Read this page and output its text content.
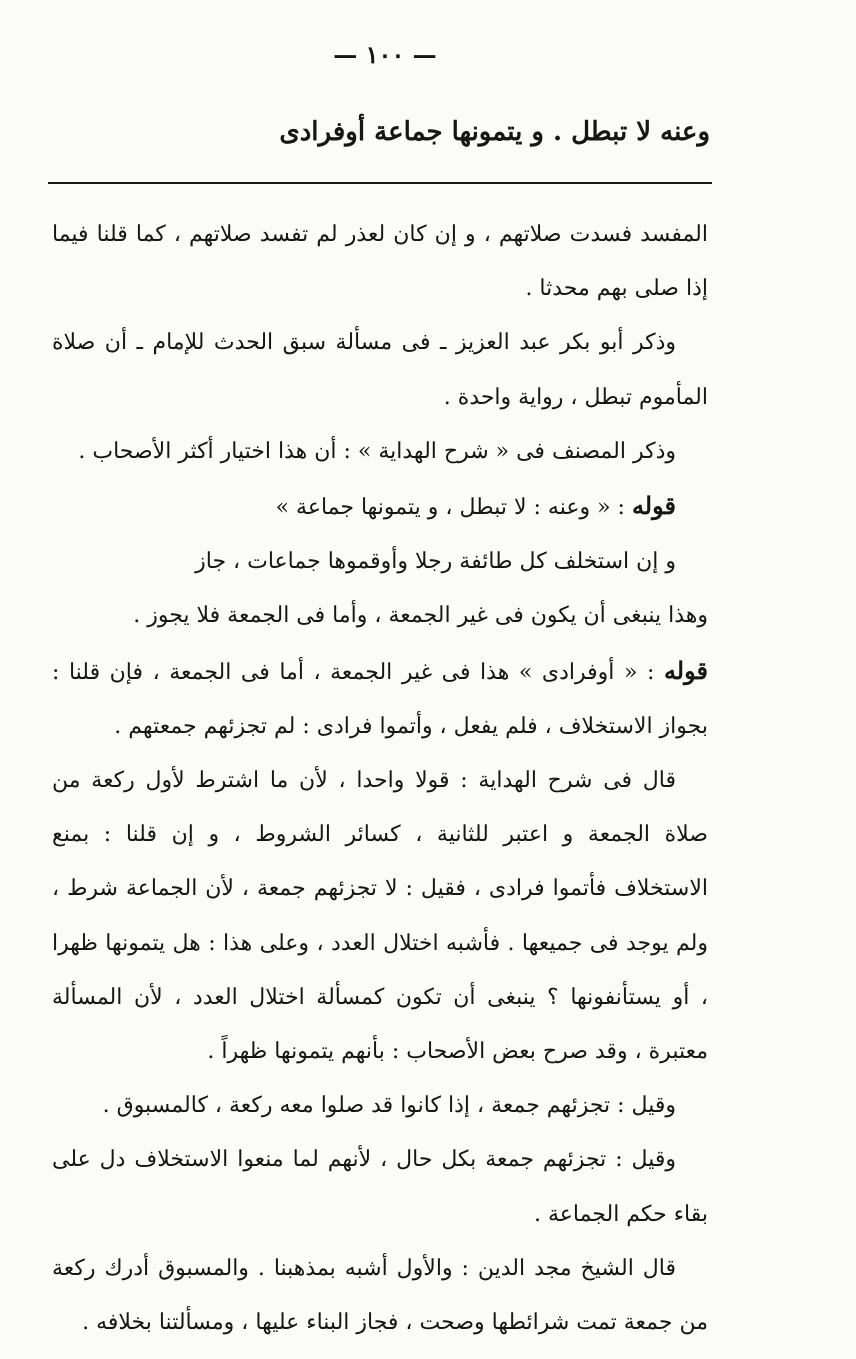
— ١٠٠ —
وعنه لا تبطل . و يتمونها جماعة أوفرادى

المفسد فسدت صلاتهم ، و إن كان لعذر لم تفسد صلاتهم ، كما قلنا فيما إذا صلى بهم محدثا .

وذكر أبو بكر عبد العزيز ـ فى مسألة سبق الحدث للإمام ـ أن صلاة المأموم تبطل ، رواية واحدة .

وذكر المصنف فى « شرح الهداية » : أن هذا اختيار أكثر الأصحاب .

قوله : « وعنه : لا تبطل ، و يتمونها جماعة »

و إن استخلف كل طائفة رجلا وأوقموها جماعات ، جاز

وهذا ينبغى أن يكون فى غير الجمعة ، وأما فى الجمعة فلا يجوز .

قوله : « أوفرادى » هذا فى غير الجمعة ، أما فى الجمعة ، فإن قلنا : بجواز الاستخلاف ، فلم يفعل ، وأتموا فرادى : لم تجزئهم جمعتهم .

قال فى شرح الهداية : قولا واحدا ، لأن ما اشترط لأول ركعة من صلاة الجمعة و اعتبر للثانية ، كسائر الشروط ، و إن قلنا : بمنع الاستخلاف فأتموا فرادى ، فقيل : لا تجزئهم جمعة ، لأن الجماعة شرط ، ولم يوجد فى جميعها . فأشبه اختلال العدد ، وعلى هذا : هل يتمونها ظهرا ، أو يستأنفونها ؟ ينبغى أن تكون كمسألة اختلال العدد ، لأن المسألة معتبرة ، وقد صرح بعض الأصحاب : بأنهم يتمونها ظهراً .

وقيل : تجزئهم جمعة ، إذا كانوا قد صلوا معه ركعة ، كالمسبوق .

وقيل : تجزئهم جمعة بكل حال ، لأنهم لما منعوا الاستخلاف دل على بقاء حكم الجماعة .

قال الشيخ مجد الدين : والأول أشبه بمذهبنا . والمسبوق أدرك ركعة من جمعة تمت شرائطها وصحت ، فجاز البناء عليها ، ومسألتنا بخلافه .
